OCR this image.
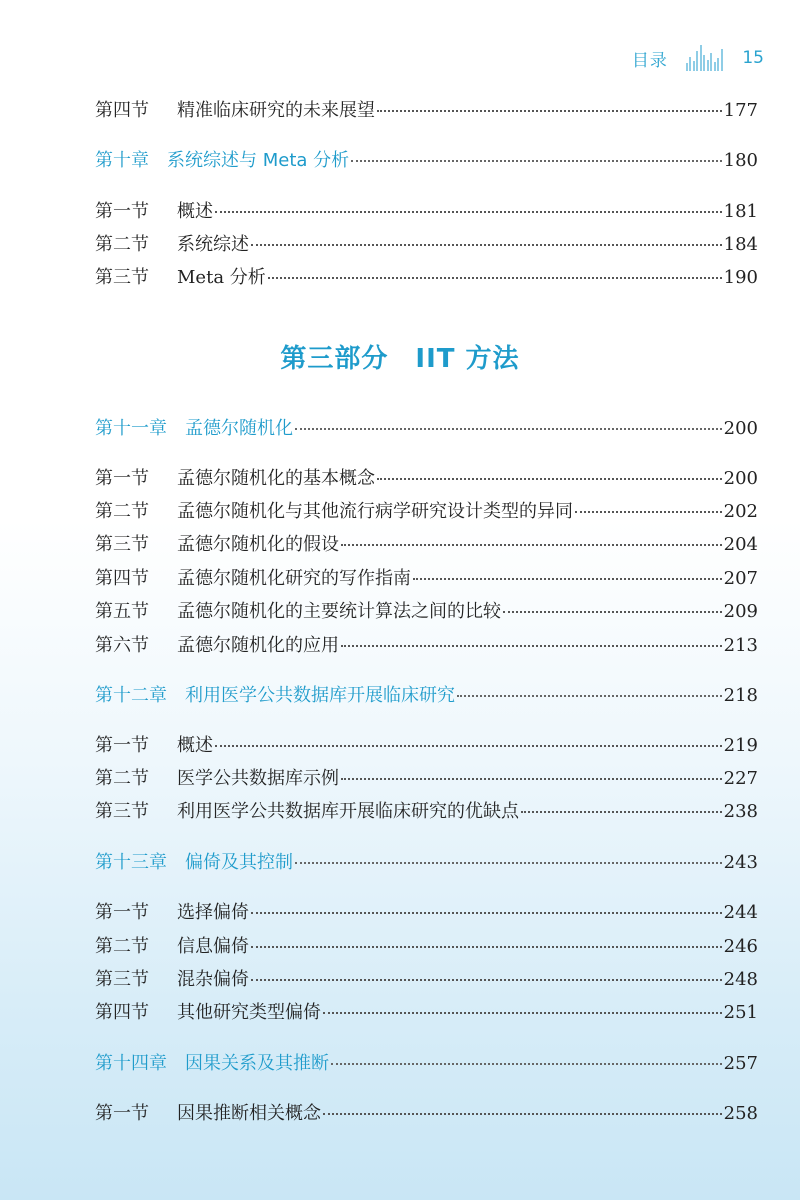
目录	15
第三部分　IIT 方法
第四节	精准临床研究的未来展望	177
第十章 系统综述与 Meta 分析	180
第一节	概述	181
第二节	系统综述	184
第三节	Meta 分析	190
第十一章 孟德尔随机化	200
第一节	孟德尔随机化的基本概念	200
第二节	孟德尔随机化与其他流行病学研究设计类型的异同	202
第三节	孟德尔随机化的假设	204
第四节	孟德尔随机化研究的写作指南	207
第五节	孟德尔随机化的主要统计算法之间的比较	209
第六节	孟德尔随机化的应用	213
第十二章 利用医学公共数据库开展临床研究	218
第一节	概述	219
第二节	医学公共数据库示例	227
第三节	利用医学公共数据库开展临床研究的优缺点	238
第十三章 偏倚及其控制	243
第一节	选择偏倚	244
第二节	信息偏倚	246
第三节	混杂偏倚	248
第四节	其他研究类型偏倚	251
第十四章 因果关系及其推断	257
第一节	因果推断相关概念	258
